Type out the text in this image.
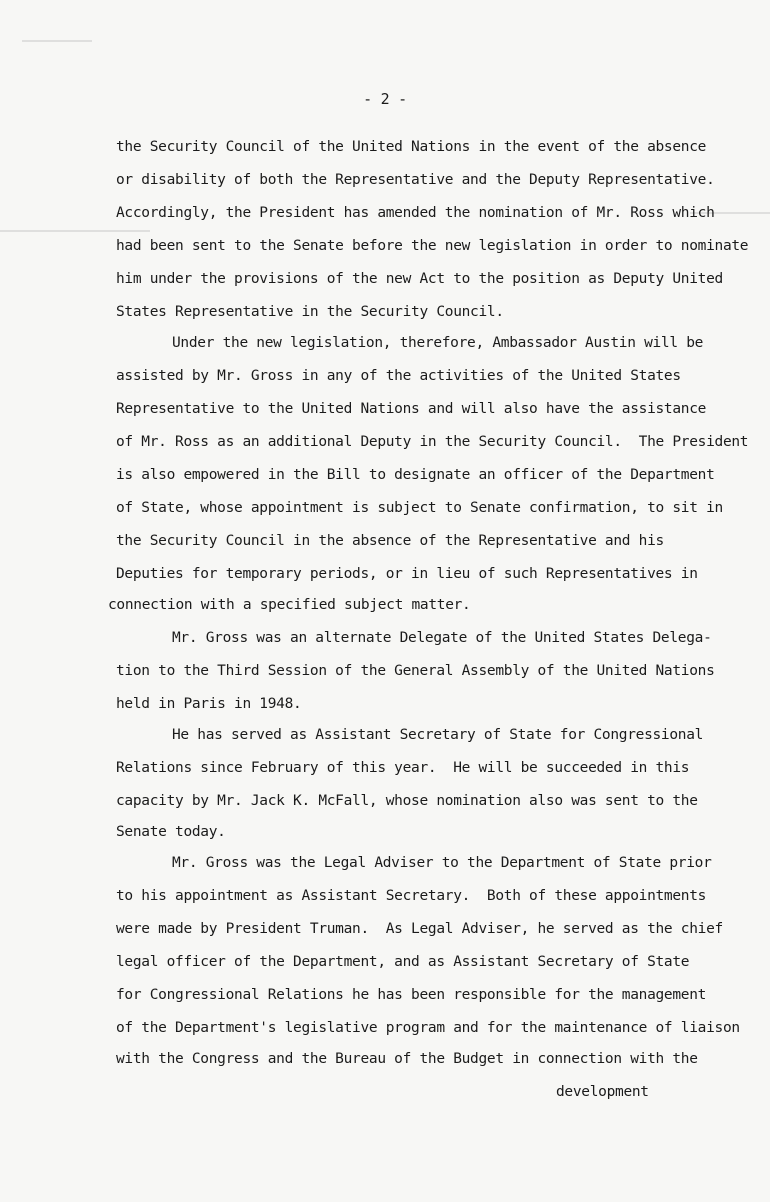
- 2 -
the Security Council of the United Nations in the event of the absence
or disability of both the Representative and the Deputy Representative.
Accordingly, the President has amended the nomination of Mr. Ross which
had been sent to the Senate before the new legislation in order to nominate
him under the provisions of the new Act to the position as Deputy United
States Representative in the Security Council.
Under the new legislation, therefore, Ambassador Austin will be
assisted by Mr. Gross in any of the activities of the United States
Representative to the United Nations and will also have the assistance
of Mr. Ross as an additional Deputy in the Security Council.  The President
is also empowered in the Bill to designate an officer of the Department
of State, whose appointment is subject to Senate confirmation, to sit in
the Security Council in the absence of the Representative and his
Deputies for temporary periods, or in lieu of such Representatives in
connection with a specified subject matter.
Mr. Gross was an alternate Delegate of the United States Delega-
tion to the Third Session of the General Assembly of the United Nations
held in Paris in 1948.
He has served as Assistant Secretary of State for Congressional
Relations since February of this year.  He will be succeeded in this
capacity by Mr. Jack K. McFall, whose nomination also was sent to the
Senate today.
Mr. Gross was the Legal Adviser to the Department of State prior
to his appointment as Assistant Secretary.  Both of these appointments
were made by President Truman.  As Legal Adviser, he served as the chief
legal officer of the Department, and as Assistant Secretary of State
for Congressional Relations he has been responsible for the management
of the Department's legislative program and for the maintenance of liaison
with the Congress and the Bureau of the Budget in connection with the
development
